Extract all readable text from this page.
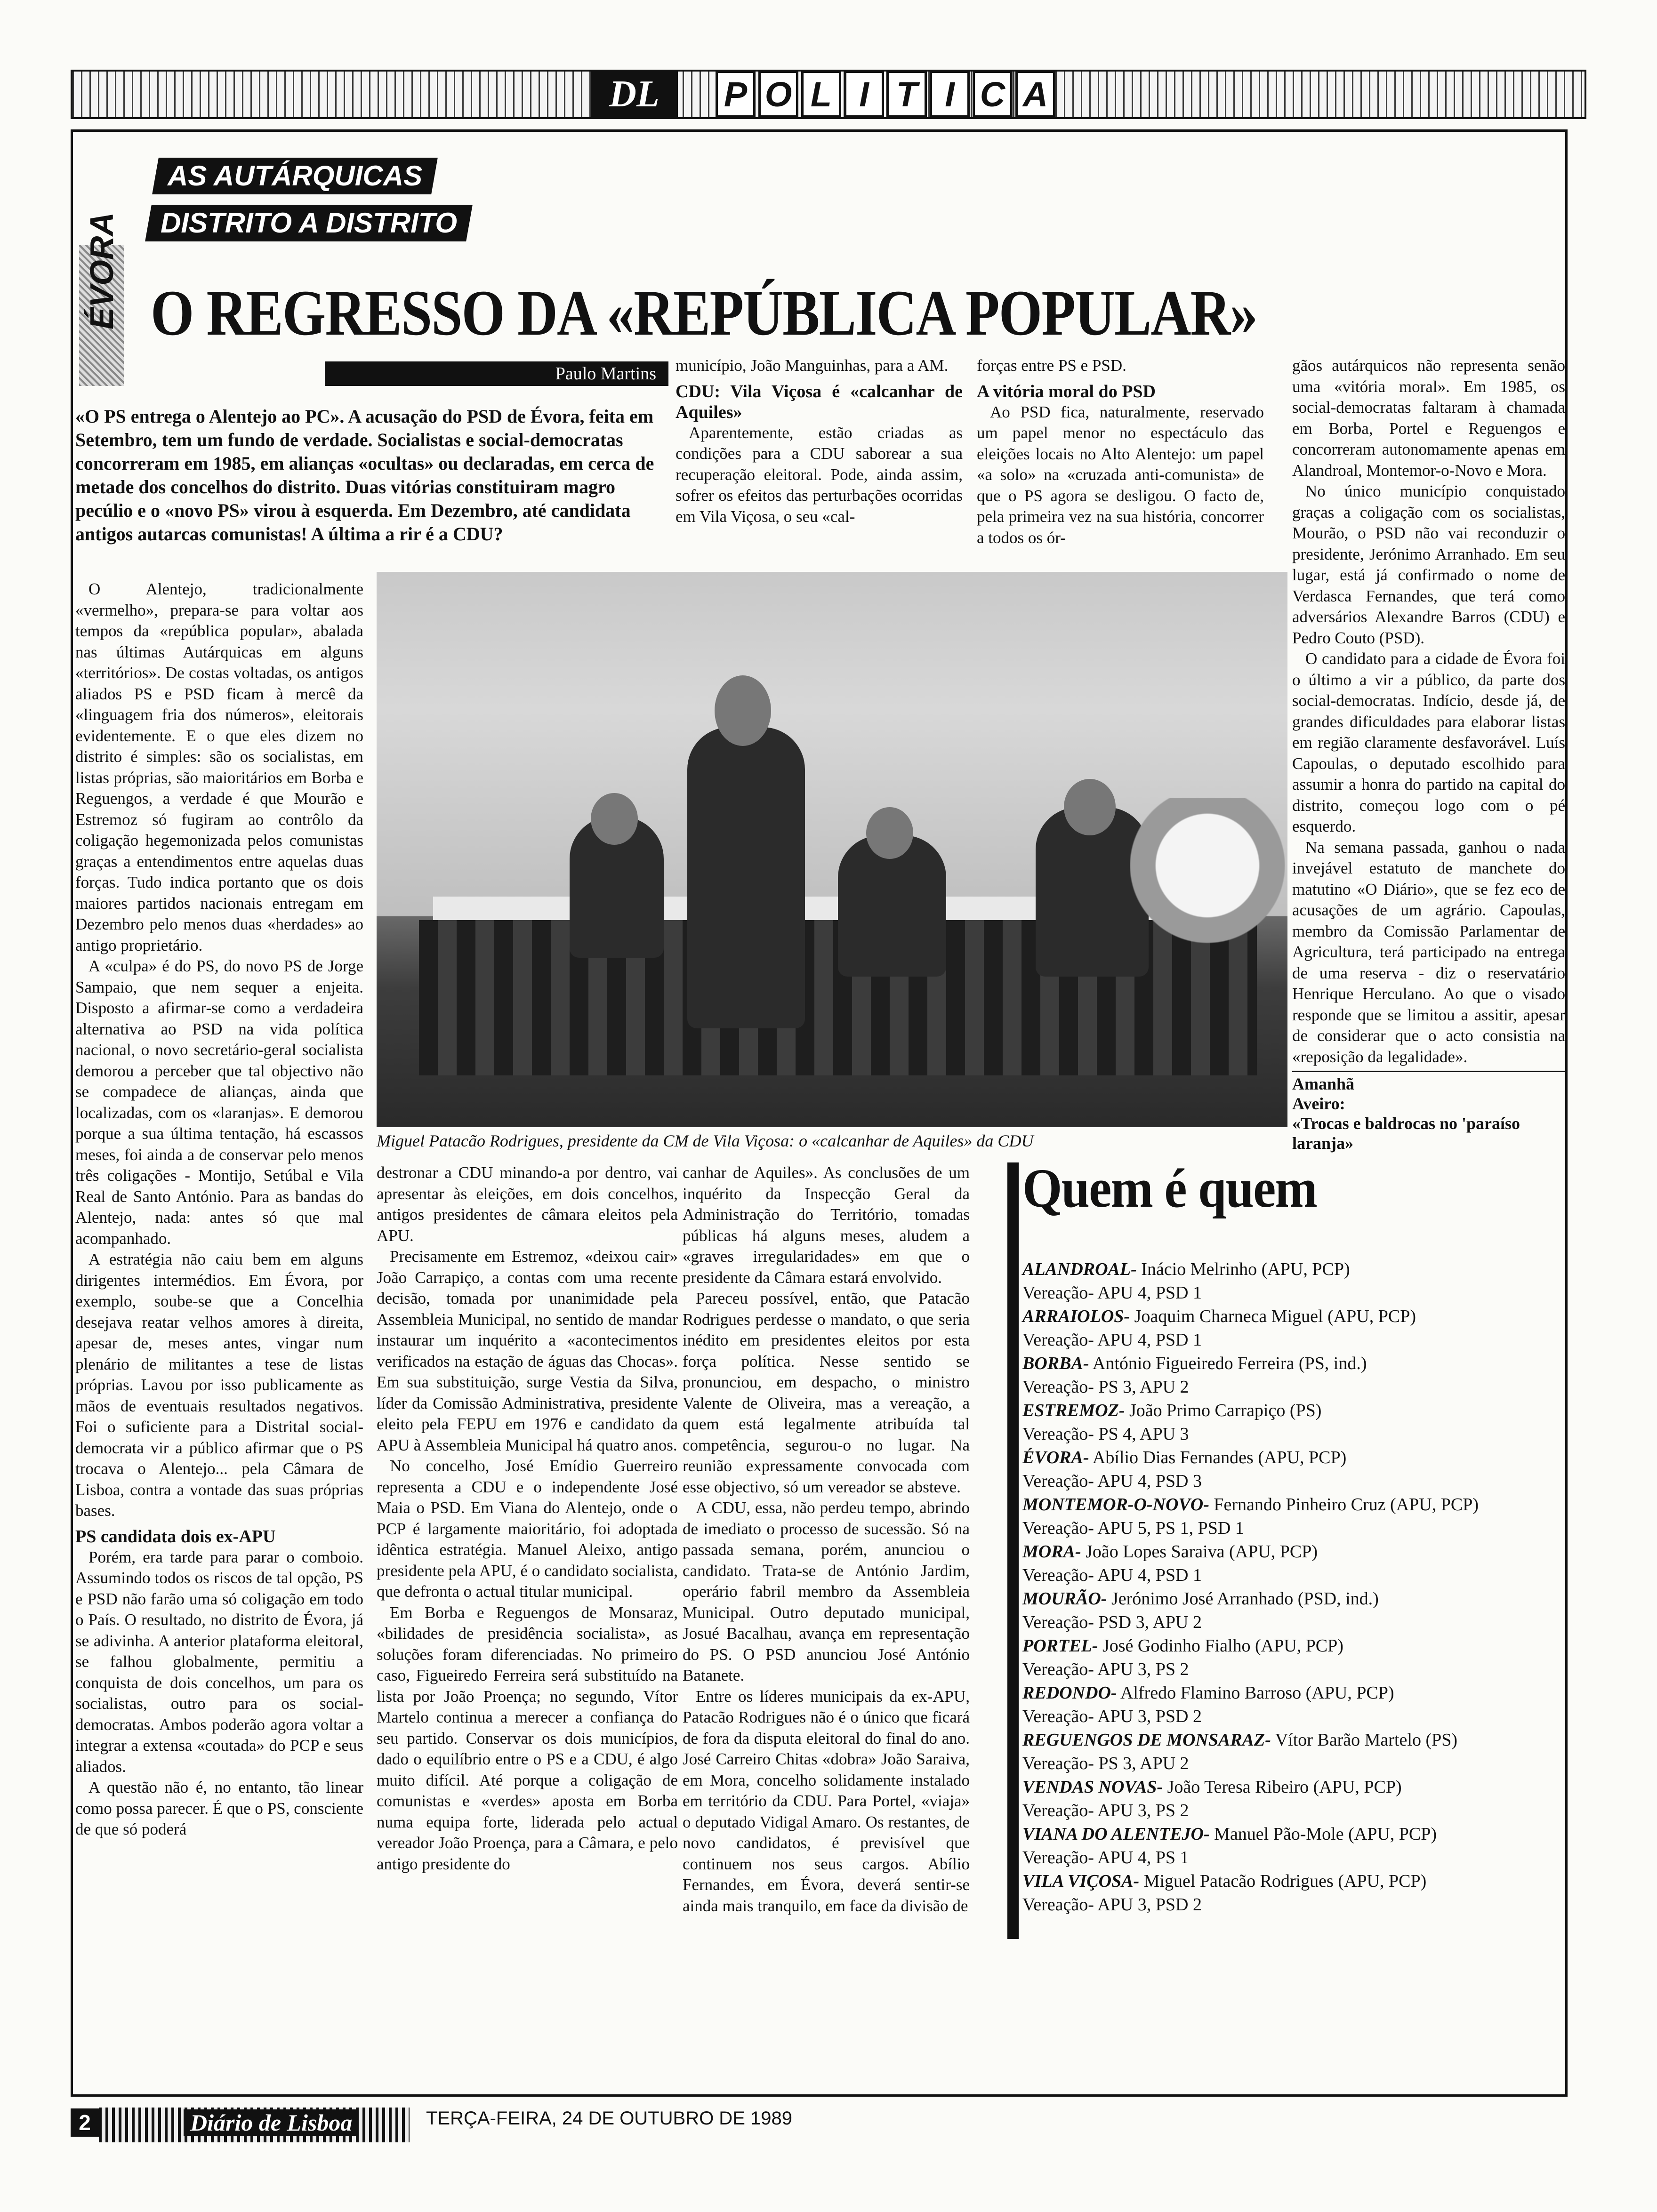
DL	P O L I T I C A
AS AUTÁRQUICAS
DISTRITO A DISTRITO
ÉVORA O REGRESSO DA «REPÚBLICA POPULAR»
Paulo Martins

«O PS entrega o Alentejo ao PC». A acusação do PSD de Évora, feita em Setembro, tem um fundo de verdade. Socialistas e social-democratas concorreram em 1985, em alianças «ocultas» ou declaradas, em cerca de metade dos concelhos do distrito. Duas vitórias constituiram magro pecúlio e o «novo PS» virou à esquerda. Em Dezembro, até candidata antigos autarcas comunistas! A última a rir é a CDU?

O Alentejo, tradicionalmente «vermelho», prepara-se para voltar aos tempos da «república popular», abalada nas últimas Autárquicas em alguns «territórios». De costas voltadas, os antigos aliados PS e PSD ficam à mercê da «linguagem fria dos números», eleitorais evidentemente. E o que eles dizem no distrito é simples: são os socialistas, em listas próprias, são maioritários em Borba e Reguengos, a verdade é que Mourão e Estremoz só fugiram ao contrôlo da coligação hegemonizada pelos comunistas graças a entendimentos entre aquelas duas forças. Tudo indica portanto que os dois maiores partidos nacionais entregam em Dezembro pelo menos duas «herdades» ao antigo proprietário.

A «culpa» é do PS, do novo PS de Jorge Sampaio, que nem sequer a enjeita. Disposto a afirmar-se como a verdadeira alternativa ao PSD na vida política nacional, o novo secretário-geral socialista demorou a perceber que tal objectivo não se compadece de alianças, ainda que localizadas, com os «laranjas». E demorou porque a sua última tentação, há escassos meses, foi ainda a de conservar pelo menos três coligações - Montijo, Setúbal e Vila Real de Santo António. Para as bandas do Alentejo, nada: antes só que mal acompanhado.

A estratégia não caiu bem em alguns dirigentes intermédios. Em Évora, por exemplo, soube-se que a Concelhia desejava reatar velhos amores à direita, apesar de, meses antes, vingar num plenário de militantes a tese de listas próprias. Lavou por isso publicamente as mãos de eventuais resultados negativos. Foi o suficiente para a Distrital social-democrata vir a público afirmar que o PS trocava o Alentejo... pela Câmara de Lisboa, contra a vontade das suas próprias bases.

PS candidata dois ex-APU

Porém, era tarde para parar o comboio. Assumindo todos os riscos de tal opção, PS e PSD não farão uma só coligação em todo o País. O resultado, no distrito de Évora, já se adivinha. A anterior plataforma eleitoral, se falhou globalmente, permitiu a conquista de dois concelhos, um para os socialistas, outro para os social-democratas. Ambos poderão agora voltar a integrar a extensa «coutada» do PCP e seus aliados.

A questão não é, no entanto, tão linear como possa parecer. É que o PS, consciente de que só poderá

município, João Manguinhas, para a AM.

CDU: Vila Viçosa é «calcanhar de Aquiles»

Aparentemente, estão criadas as condições para a CDU saborear a sua recuperação eleitoral. Pode, ainda assim, sofrer os efeitos das perturbações ocorridas em Vila Viçosa, o seu «cal-

forças entre PS e PSD.

A vitória moral do PSD

Ao PSD fica, naturalmente, reservado um papel menor no espectáculo das eleições locais no Alto Alentejo: um papel «a solo» na «cruzada anti-comunista» de que o PS agora se desligou. O facto de, pela primeira vez na sua história, concorrer a todos os ór-

gãos autárquicos não representa senão uma «vitória moral». Em 1985, os social-democratas faltaram à chamada em Borba, Portel e Reguengos e concorreram autonomamente apenas em Alandroal, Montemor-o-Novo e Mora.

No único município conquistado graças a coligação com os socialistas, Mourão, o PSD não vai reconduzir o presidente, Jerónimo Arranhado. Em seu lugar, está já confirmado o nome de Verdasca Fernandes, que terá como adversários Alexandre Barros (CDU) e Pedro Couto (PSD).

O candidato para a cidade de Évora foi o último a vir a público, da parte dos social-democratas. Indício, desde já, de grandes dificuldades para elaborar listas em região claramente desfavorável. Luís Capoulas, o deputado escolhido para assumir a honra do partido na capital do distrito, começou logo com o pé esquerdo.

Na semana passada, ganhou o nada invejável estatuto de manchete do matutino «O Diário», que se fez eco de acusações de um agrário. Capoulas, membro da Comissão Parlamentar de Agricultura, terá participado na entrega de uma reserva - diz o reservatário Henrique Herculano. Ao que o visado responde que se limitou a assitir, apesar de considerar que o acto consistia na «reposição da legalidade».

Miguel Patacão Rodrigues, presidente da CM de Vila Viçosa: o «calcanhar de Aquiles» da CDU

Amanhã
Aveiro:
«Trocas e baldrocas no 'paraíso laranja»

destronar a CDU minando-a por dentro, vai apresentar às eleições, em dois concelhos, antigos presidentes de câmara eleitos pela APU.

Precisamente em Estremoz, «deixou cair» João Carrapiço, a contas com uma recente decisão, tomada por unanimidade pela Assembleia Municipal, no sentido de mandar instaurar um inquérito a «acontecimentos verificados na estação de águas das Chocas». Em sua substituição, surge Vestia da Silva, líder da Comissão Administrativa, presidente eleito pela FEPU em 1976 e candidato da APU à Assembleia Municipal há quatro anos.

No concelho, José Emídio Guerreiro representa a CDU e o independente José Maia o PSD. Em Viana do Alentejo, onde o PCP é largamente maioritário, foi adoptada idêntica estratégia. Manuel Aleixo, antigo presidente pela APU, é o candidato socialista, que defronta o actual titular municipal.

Em Borba e Reguengos de Monsaraz, «bilidades de presidência socialista», as soluções foram diferenciadas. No primeiro caso, Figueiredo Ferreira será substituído na lista por João Proença; no segundo, Vítor Martelo continua a merecer a confiança do seu partido. Conservar os dois municípios, dado o equilíbrio entre o PS e a CDU, é algo muito difícil. Até porque a coligação de comunistas e «verdes» aposta em Borba numa equipa forte, liderada pelo actual vereador João Proença, para a Câmara, e pelo antigo presidente do

canhar de Aquiles». As conclusões de um inquérito da Inspecção Geral da Administração do Território, tomadas públicas há alguns meses, aludem a «graves irregularidades» em que o presidente da Câmara estará envolvido.

Pareceu possível, então, que Patacão Rodrigues perdesse o mandato, o que seria inédito em presidentes eleitos por esta força política. Nesse sentido se pronunciou, em despacho, o ministro Valente de Oliveira, mas a vereação, a quem está legalmente atribuída tal competência, segurou-o no lugar. Na reunião expressamente convocada com esse objectivo, só um vereador se absteve.

A CDU, essa, não perdeu tempo, abrindo de imediato o processo de sucessão. Só na passada semana, porém, anunciou o candidato. Trata-se de António Jardim, operário fabril membro da Assembleia Municipal. Outro deputado municipal, Josué Bacalhau, avança em representação do PS. O PSD anunciou José António Batanete.

Entre os líderes municipais da ex-APU, Patacão Rodrigues não é o único que ficará de fora da disputa eleitoral do final do ano. José Carreiro Chitas «dobra» João Saraiva, em Mora, concelho solidamente instalado em território da CDU. Para Portel, «viaja» o deputado Vidigal Amaro. Os restantes, de novo candidatos, é previsível que continuem nos seus cargos. Abílio Fernandes, em Évora, deverá sentir-se ainda mais tranquilo, em face da divisão de

Quem é quem
ALANDROAL- Inácio Melrinho (APU, PCP)
Vereação- APU 4, PSD 1
ARRAIOLOS- Joaquim Charneca Miguel (APU, PCP)
Vereação- APU 4, PSD 1
BORBA- António Figueiredo Ferreira (PS, ind.)
Vereação- PS 3, APU 2
ESTREMOZ- João Primo Carrapiço (PS)
Vereação- PS 4, APU 3
ÉVORA- Abílio Dias Fernandes (APU, PCP)
Vereação- APU 4, PSD 3
MONTEMOR-O-NOVO- Fernando Pinheiro Cruz (APU, PCP)
Vereação- APU 5, PS 1, PSD 1
MORA- João Lopes Saraiva (APU, PCP)
Vereação- APU 4, PSD 1
MOURÃO- Jerónimo José Arranhado (PSD, ind.)
Vereação- PSD 3, APU 2
PORTEL- José Godinho Fialho (APU, PCP)
Vereação- APU 3, PS 2
REDONDO- Alfredo Flamino Barroso (APU, PCP)
Vereação- APU 3, PSD 2
REGUENGOS DE MONSARAZ- Vítor Barão Martelo (PS)
Vereação- PS 3, APU 2
VENDAS NOVAS- João Teresa Ribeiro (APU, PCP)
Vereação- APU 3, PS 2
VIANA DO ALENTEJO- Manuel Pão-Mole (APU, PCP)
Vereação- APU 4, PS 1
VILA VIÇOSA- Miguel Patacão Rodrigues (APU, PCP)
Vereação- APU 3, PSD 2
2	Diário de Lisboa	TERÇA-FEIRA, 24 DE OUTUBRO DE 1989
